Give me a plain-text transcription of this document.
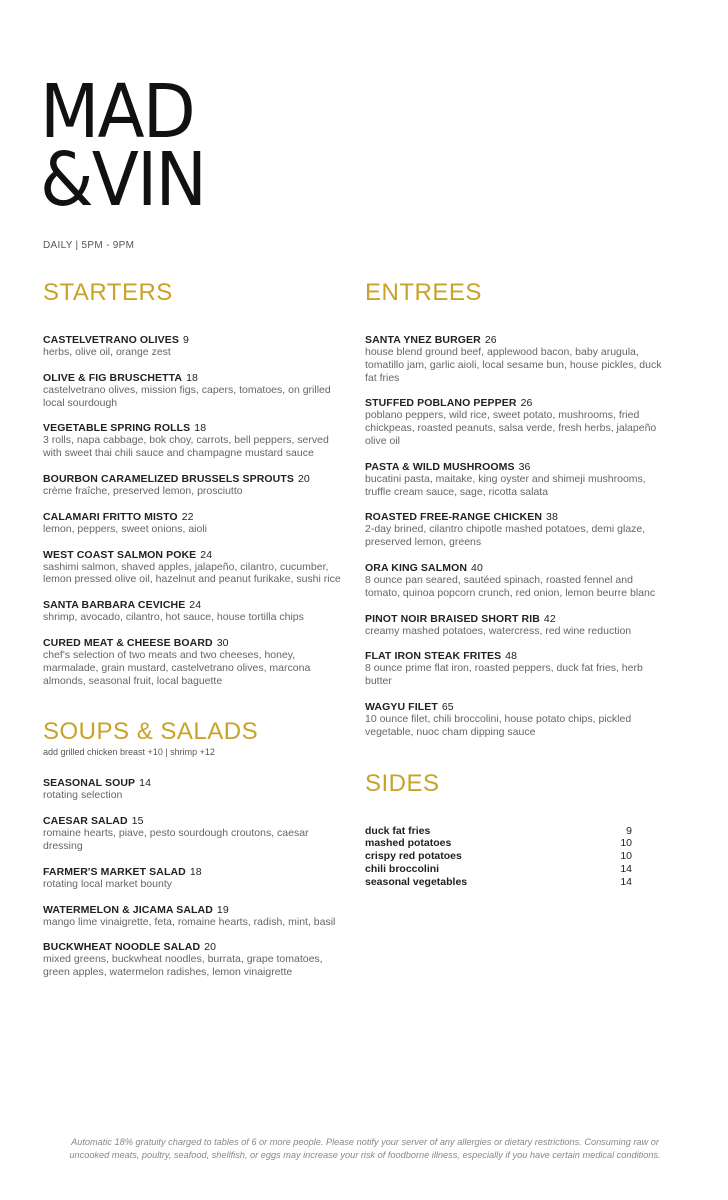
MAD
&VIN
DAILY | 5PM - 9PM
STARTERS
CASTELVETRANO OLIVES 9
herbs, olive oil, orange zest
OLIVE & FIG BRUSCHETTA 18
castelvetrano olives, mission figs, capers, tomatoes, on grilled local sourdough
VEGETABLE SPRING ROLLS 18
3 rolls, napa cabbage, bok choy, carrots, bell peppers, served with sweet thai chili sauce and champagne mustard sauce
BOURBON CARAMELIZED BRUSSELS SPROUTS 20
crème fraîche, preserved lemon, prosciutto
CALAMARI FRITTO MISTO 22
lemon, peppers, sweet onions, aioli
WEST COAST SALMON POKE 24
sashimi salmon, shaved apples, jalapeño, cilantro, cucumber, lemon pressed olive oil, hazelnut and peanut furikake, sushi rice
SANTA BARBARA CEVICHE 24
shrimp, avocado, cilantro, hot sauce, house tortilla chips
CURED MEAT & CHEESE BOARD 30
chef's selection of two meats and two cheeses, honey, marmalade, grain mustard, castelvetrano olives, marcona almonds, seasonal fruit, local baguette
SOUPS & SALADS
add grilled chicken breast +10 | shrimp +12
SEASONAL SOUP 14
rotating selection
CAESAR SALAD 15
romaine hearts, piave, pesto sourdough croutons, caesar dressing
FARMER'S MARKET SALAD 18
rotating local market bounty
WATERMELON & JICAMA SALAD 19
mango lime vinaigrette, feta, romaine hearts, radish, mint, basil
BUCKWHEAT NOODLE SALAD 20
mixed greens, buckwheat noodles, burrata, grape tomatoes, green apples, watermelon radishes, lemon vinaigrette
ENTREES
SANTA YNEZ BURGER 26
house blend ground beef, applewood bacon, baby arugula, tomatillo jam, garlic aioli, local sesame bun, house pickles, duck fat fries
STUFFED POBLANO PEPPER 26
poblano peppers, wild rice, sweet potato, mushrooms, fried chickpeas, roasted peanuts, salsa verde, fresh herbs, jalapeño olive oil
PASTA & WILD MUSHROOMS 36
bucatini pasta, maitake, king oyster and shimeji mushrooms, truffle cream sauce, sage, ricotta salata
ROASTED FREE-RANGE CHICKEN 38
2-day brined, cilantro chipotle mashed potatoes, demi glaze, preserved lemon, greens
ORA KING SALMON 40
8 ounce pan seared, sautéed spinach, roasted fennel and tomato, quinoa popcorn crunch, red onion, lemon beurre blanc
PINOT NOIR BRAISED SHORT RIB 42
creamy mashed potatoes, watercress, red wine reduction
FLAT IRON STEAK FRITES 48
8 ounce prime flat iron, roasted peppers, duck fat fries, herb butter
WAGYU FILET 65
10 ounce filet, chili broccolini, house potato chips, pickled vegetable, nuoc cham dipping sauce
SIDES
duck fat fries	9
mashed potatoes	10
crispy red potatoes	10
chili broccolini	14
seasonal vegetables	14
Automatic 18% gratuity charged to tables of 6 or more people. Please notify your server of any allergies or dietary restrictions. Consuming raw or uncooked meats, poultry, seafood, shellfish, or eggs may increase your risk of foodborne illness, especially if you have certain medical conditions.
